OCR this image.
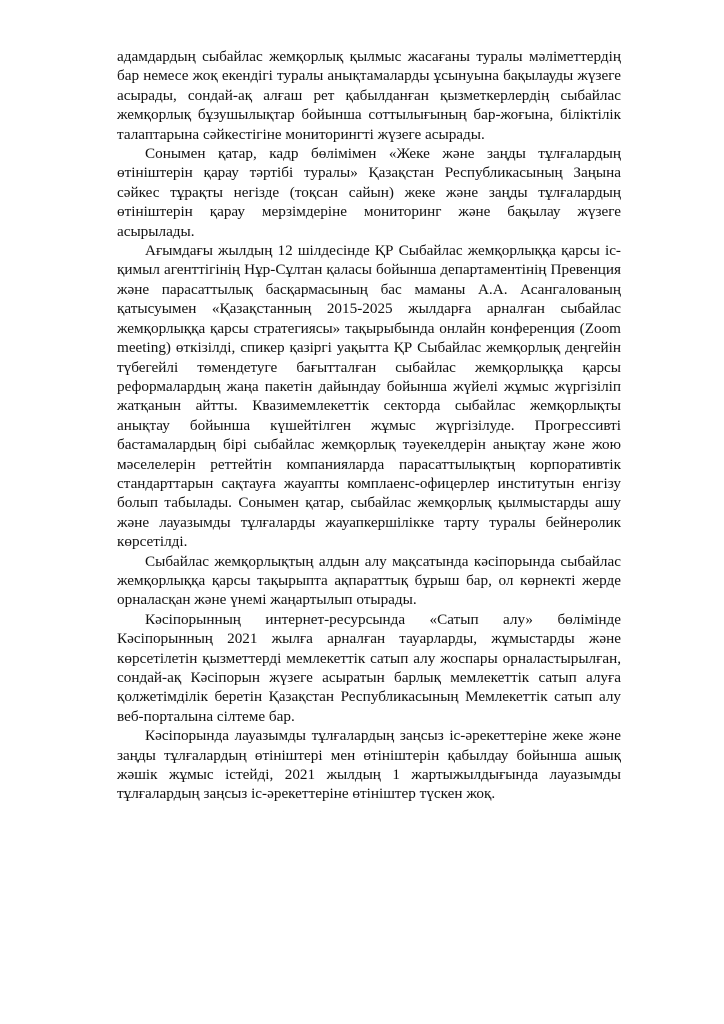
адамдардың сыбайлас жемқорлық қылмыс жасағаны туралы мәліметтердің бар немесе жоқ екендігі туралы анықтамаларды ұсынуына бақылауды жүзеге асырады, сондай-ақ алғаш рет қабылданған қызметкерлердің сыбайлас жемқорлық бұзушылықтар бойынша соттылығының бар-жоғына, біліктілік талаптарына сәйкестігіне мониторингті жүзеге асырады.

Сонымен қатар, кадр бөлімімен «Жеке және заңды тұлғалардың өтініштерін қарау тәртібі туралы» Қазақстан Республикасының Заңына сәйкес тұрақты негізде (тоқсан сайын) жеке және заңды тұлғалардың өтініштерін қарау мерзімдеріне мониторинг және бақылау жүзеге асырылады.

Ағымдағы жылдың 12 шілдесінде ҚР Сыбайлас жемқорлыққа қарсы іс-қимыл агенттігінің Нұр-Сұлтан қаласы бойынша департаментінің Превенция және парасаттылық басқармасының бас маманы А.А. Асангалованың қатысуымен «Қазақстанның 2015-2025 жылдарға арналған сыбайлас жемқорлыққа қарсы стратегиясы» тақырыбында онлайн конференция (Zoom meeting) өткізілді, спикер қазіргі уақытта ҚР Сыбайлас жемқорлық деңгейін түбегейлі төмендетуге бағытталған сыбайлас жемқорлыққа қарсы реформалардың жаңа пакетін дайындау бойынша жүйелі жұмыс жүргізіліп жатқанын айтты. Квазимемлекеттік секторда сыбайлас жемқорлықты анықтау бойынша күшейтілген жұмыс жүргізілуде. Прогрессивті бастамалардың бірі сыбайлас жемқорлық тәуекелдерін анықтау және жою мәселелерін реттейтін компанияларда парасаттылықтың корпоративтік стандарттарын сақтауға жауапты комплаенс-офицерлер институтын енгізу болып табылады. Сонымен қатар, сыбайлас жемқорлық қылмыстарды ашу және лауазымды тұлғаларды жауапкершілікке тарту туралы бейнеролик көрсетілді.

Сыбайлас жемқорлықтың алдын алу мақсатында кәсіпорында сыбайлас жемқорлыққа қарсы тақырыпта ақпараттық бұрыш бар, ол көрнекті жерде орналасқан және үнемі жаңартылып отырады.

Кәсіпорынның интернет-ресурсында «Сатып алу» бөлімінде Кәсіпорынның 2021 жылға арналған тауарларды, жұмыстарды және көрсетілетін қызметтерді мемлекеттік сатып алу жоспары орналастырылған, сондай-ақ Кәсіпорын жүзеге асыратын барлық мемлекеттік сатып алуға қолжетімділік беретін Қазақстан Республикасының Мемлекеттік сатып алу веб-порталына сілтеме бар.

Кәсіпорында лауазымды тұлғалардың заңсыз іс-әрекеттеріне жеке және заңды тұлғалардың өтініштері мен өтініштерін қабылдау бойынша ашық жәшік жұмыс істейді, 2021 жылдың 1 жартыжылдығында лауазымды тұлғалардың заңсыз іс-әрекеттеріне өтініштер түскен жоқ.
